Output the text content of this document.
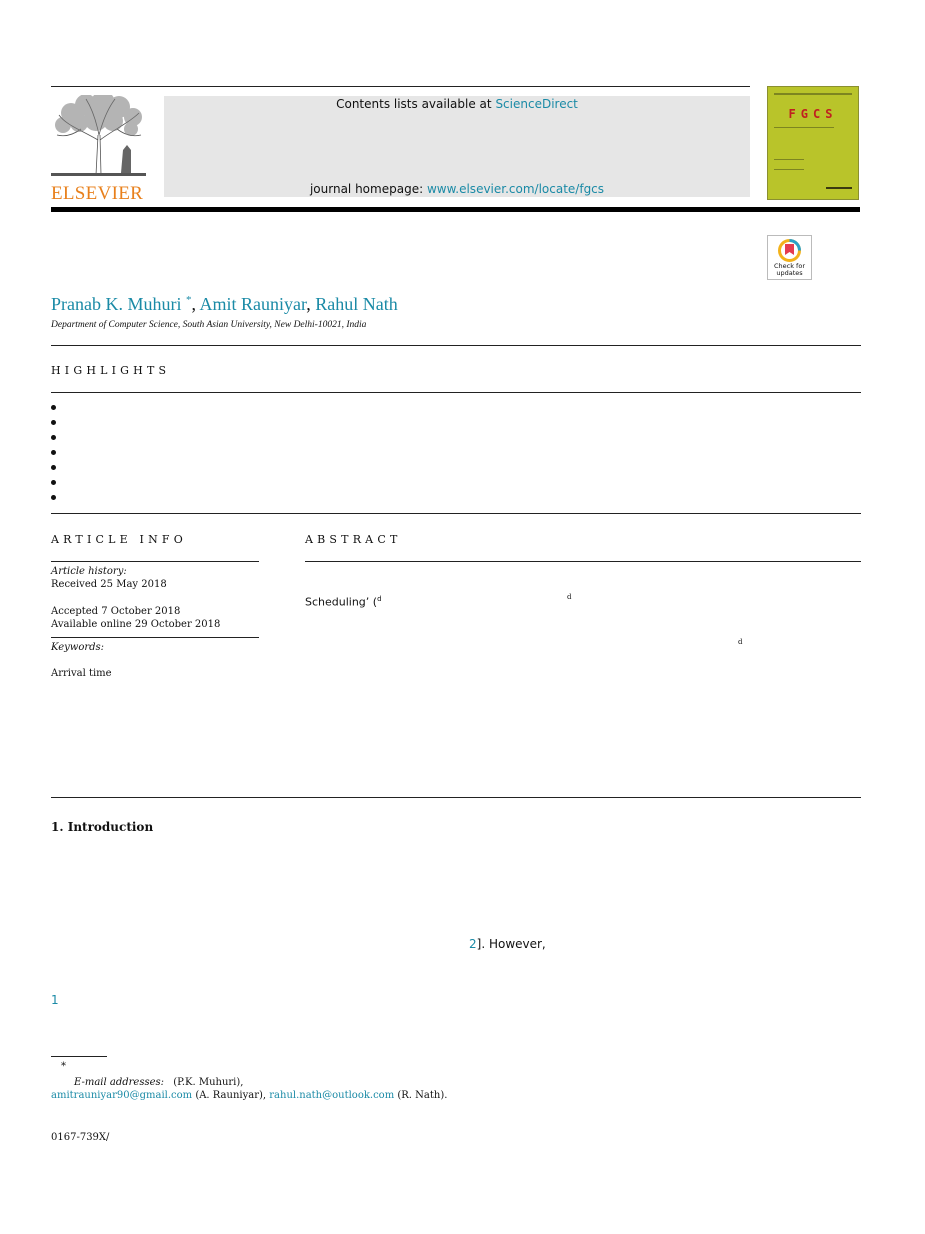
ELSEVIER
Contents lists available at ScienceDirect
journal homepage: www.elsevier.com/locate/fgcs
FGCS
Check for
updates
Pranab K. Muhuri *, Amit Rauniyar, Rahul Nath
Department of Computer Science, South Asian University, New Delhi-10021, India
HIGHLIGHTS
ARTICLE INFO
Article history:
Received 25 May 2018
Accepted 7 October 2018
Available online 29 October 2018
Keywords:
Arrival time
ABSTRACT
Scheduling’ ($^d$	d
d
1. Introduction
2]. However,
1
*
E-mail addresses: (P.K. Muhuri),
amitrauniyar90@gmail.com (A. Rauniyar), rahul.nath@outlook.com (R. Nath).
0167-739X/
